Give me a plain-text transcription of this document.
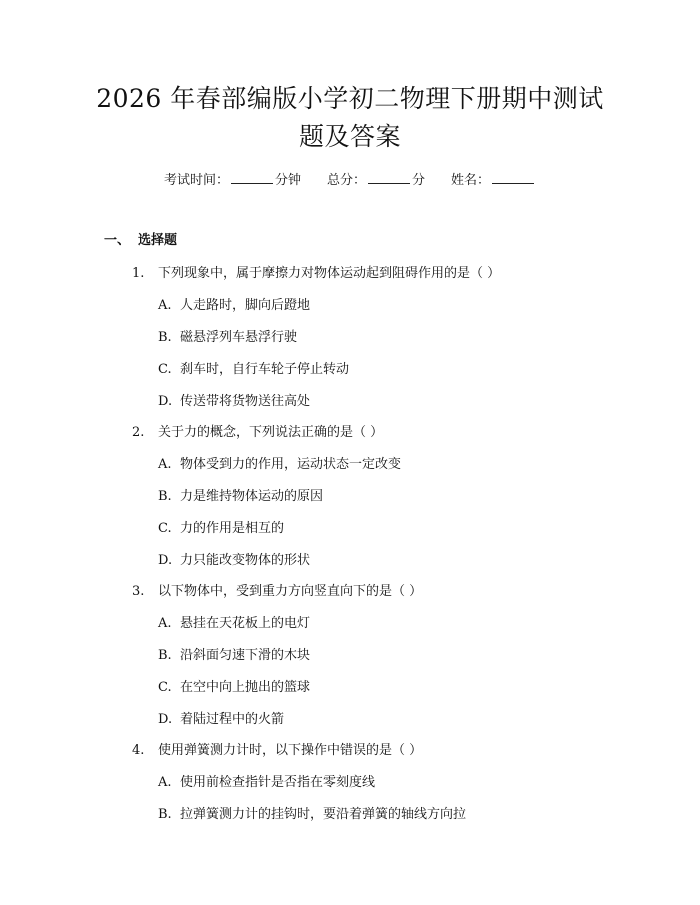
2026 年春部编版小学初二物理下册期中测试
题及答案
考试时间：	分钟 总分：	分 姓名：
一、 选择题
1. 下列现象中，属于摩擦力对物体运动起到阻碍作用的是（ ）
A. 人走路时，脚向后蹬地
B. 磁悬浮列车悬浮行驶
C. 刹车时，自行车轮子停止转动
D. 传送带将货物送往高处
2. 关于力的概念，下列说法正确的是（ ）
A. 物体受到力的作用，运动状态一定改变
B. 力是维持物体运动的原因
C. 力的作用是相互的
D. 力只能改变物体的形状
3. 以下物体中，受到重力方向竖直向下的是（ ）
A. 悬挂在天花板上的电灯
B. 沿斜面匀速下滑的木块
C. 在空中向上抛出的篮球
D. 着陆过程中的火箭
4. 使用弹簧测力计时，以下操作中错误的是（ ）
A. 使用前检查指针是否指在零刻度线
B. 拉弹簧测力计的挂钩时，要沿着弹簧的轴线方向拉
